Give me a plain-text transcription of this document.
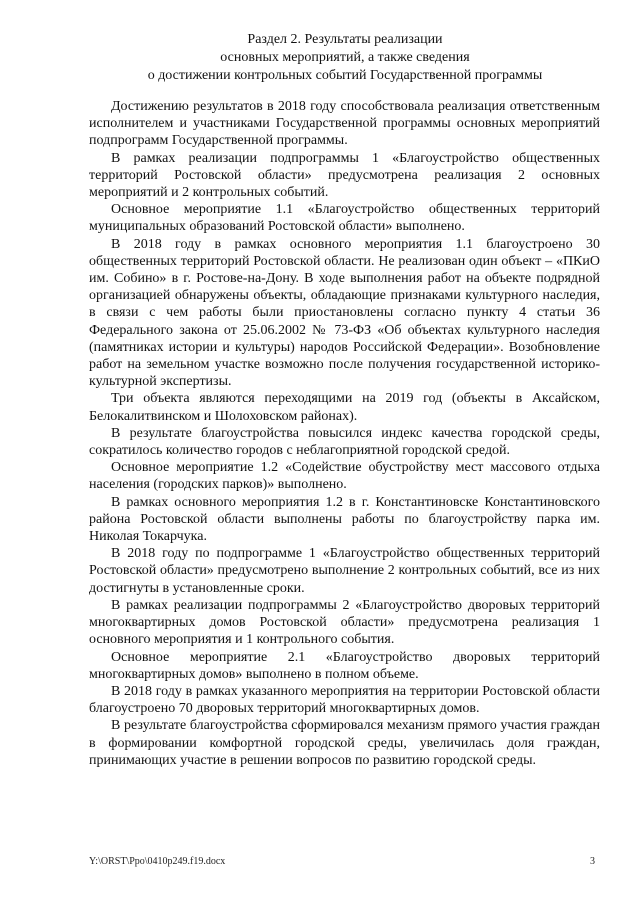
Раздел 2. Результаты реализации
основных мероприятий, а также сведения
о достижении контрольных событий Государственной программы

Достижению результатов в 2018 году способствовала реализация ответственным исполнителем и участниками Государственной программы основных мероприятий подпрограмм Государственной программы.

В рамках реализации подпрограммы 1 «Благоустройство общественных территорий Ростовской области» предусмотрена реализация 2 основных мероприятий и 2 контрольных событий.

Основное мероприятие 1.1 «Благоустройство общественных территорий муниципальных образований Ростовской области» выполнено.

В 2018 году в рамках основного мероприятия 1.1 благоустроено 30 общественных территорий Ростовской области. Не реализован один объект – «ПКиО им. Собино» в г. Ростове-на-Дону. В ходе выполнения работ на объекте подрядной организацией обнаружены объекты, обладающие признаками культурного наследия, в связи с чем работы были приостановлены согласно пункту 4 статьи 36 Федерального закона от 25.06.2002 № 73-ФЗ «Об объектах культурного наследия (памятниках истории и культуры) народов Российской Федерации». Возобновление работ на земельном участке возможно после получения государственной историко-культурной экспертизы.

Три объекта являются переходящими на 2019 год (объекты в Аксайском, Белокалитвинском и Шолоховском районах).

В результате благоустройства повысился индекс качества городской среды, сократилось количество городов с неблагоприятной городской средой.

Основное мероприятие 1.2 «Содействие обустройству мест массового отдыха населения (городских парков)» выполнено.

В рамках основного мероприятия 1.2 в г. Константиновске Константиновского района Ростовской области выполнены работы по благоустройству парка им. Николая Токарчука.

В 2018 году по подпрограмме 1 «Благоустройство общественных территорий Ростовской области» предусмотрено выполнение 2 контрольных событий, все из них достигнуты в установленные сроки.

В рамках реализации подпрограммы 2 «Благоустройство дворовых территорий многоквартирных домов Ростовской области» предусмотрена реализация 1 основного мероприятия и 1 контрольного события.

Основное мероприятие 2.1 «Благоустройство дворовых территорий многоквартирных домов» выполнено в полном объеме.

В 2018 году в рамках указанного мероприятия на территории Ростовской области благоустроено 70 дворовых территорий многоквартирных домов.

В результате благоустройства сформировался механизм прямого участия граждан в формировании комфортной городской среды, увеличилась доля граждан, принимающих участие в решении вопросов по развитию городской среды.

Y:\ORST\Ppo\0410p249.f19.docx	3
